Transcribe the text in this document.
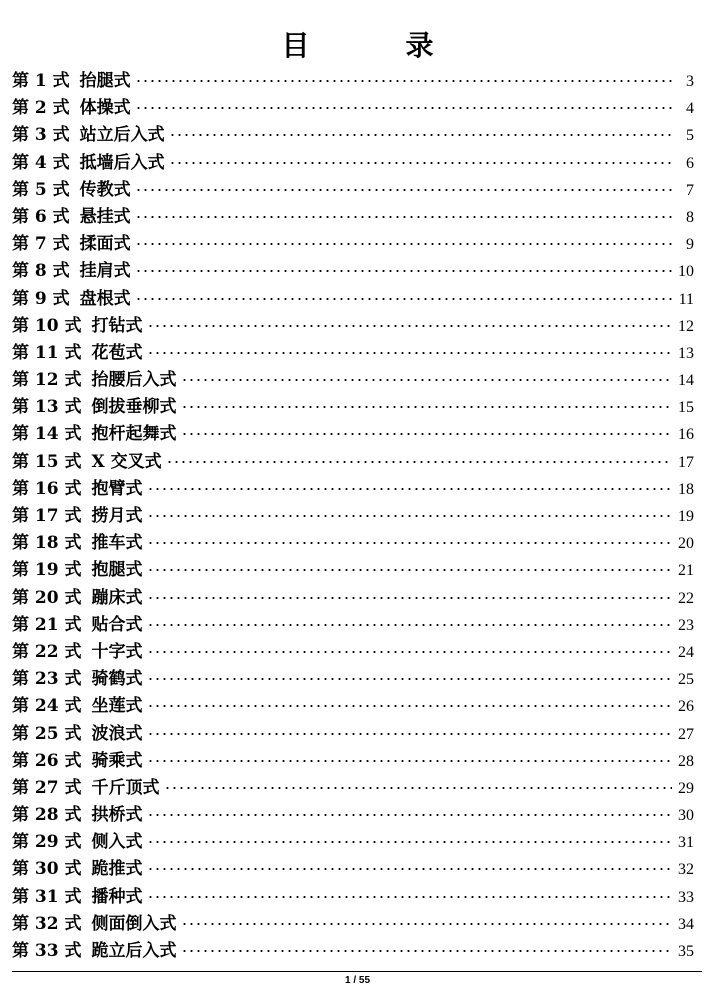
目　录
第 1 式 抬腿式	3
第 2 式 体操式	4
第 3 式 站立后入式	5
第 4 式 抵墙后入式	6
第 5 式 传教式	7
第 6 式 悬挂式	8
第 7 式 揉面式	9
第 8 式 挂肩式	10
第 9 式 盘根式	11
第 10 式 打钻式	12
第 11 式 花苞式	13
第 12 式 抬腰后入式	14
第 13 式 倒拔垂柳式	15
第 14 式 抱杆起舞式	16
第 15 式 X 交叉式	17
第 16 式 抱臂式	18
第 17 式 捞月式	19
第 18 式 推车式	20
第 19 式 抱腿式	21
第 20 式 蹦床式	22
第 21 式 贴合式	23
第 22 式 十字式	24
第 23 式 骑鹤式	25
第 24 式 坐莲式	26
第 25 式 波浪式	27
第 26 式 骑乘式	28
第 27 式 千斤顶式	29
第 28 式 拱桥式	30
第 29 式 侧入式	31
第 30 式 跪推式	32
第 31 式 播种式	33
第 32 式 侧面倒入式	34
第 33 式 跪立后入式	35
1 / 55
